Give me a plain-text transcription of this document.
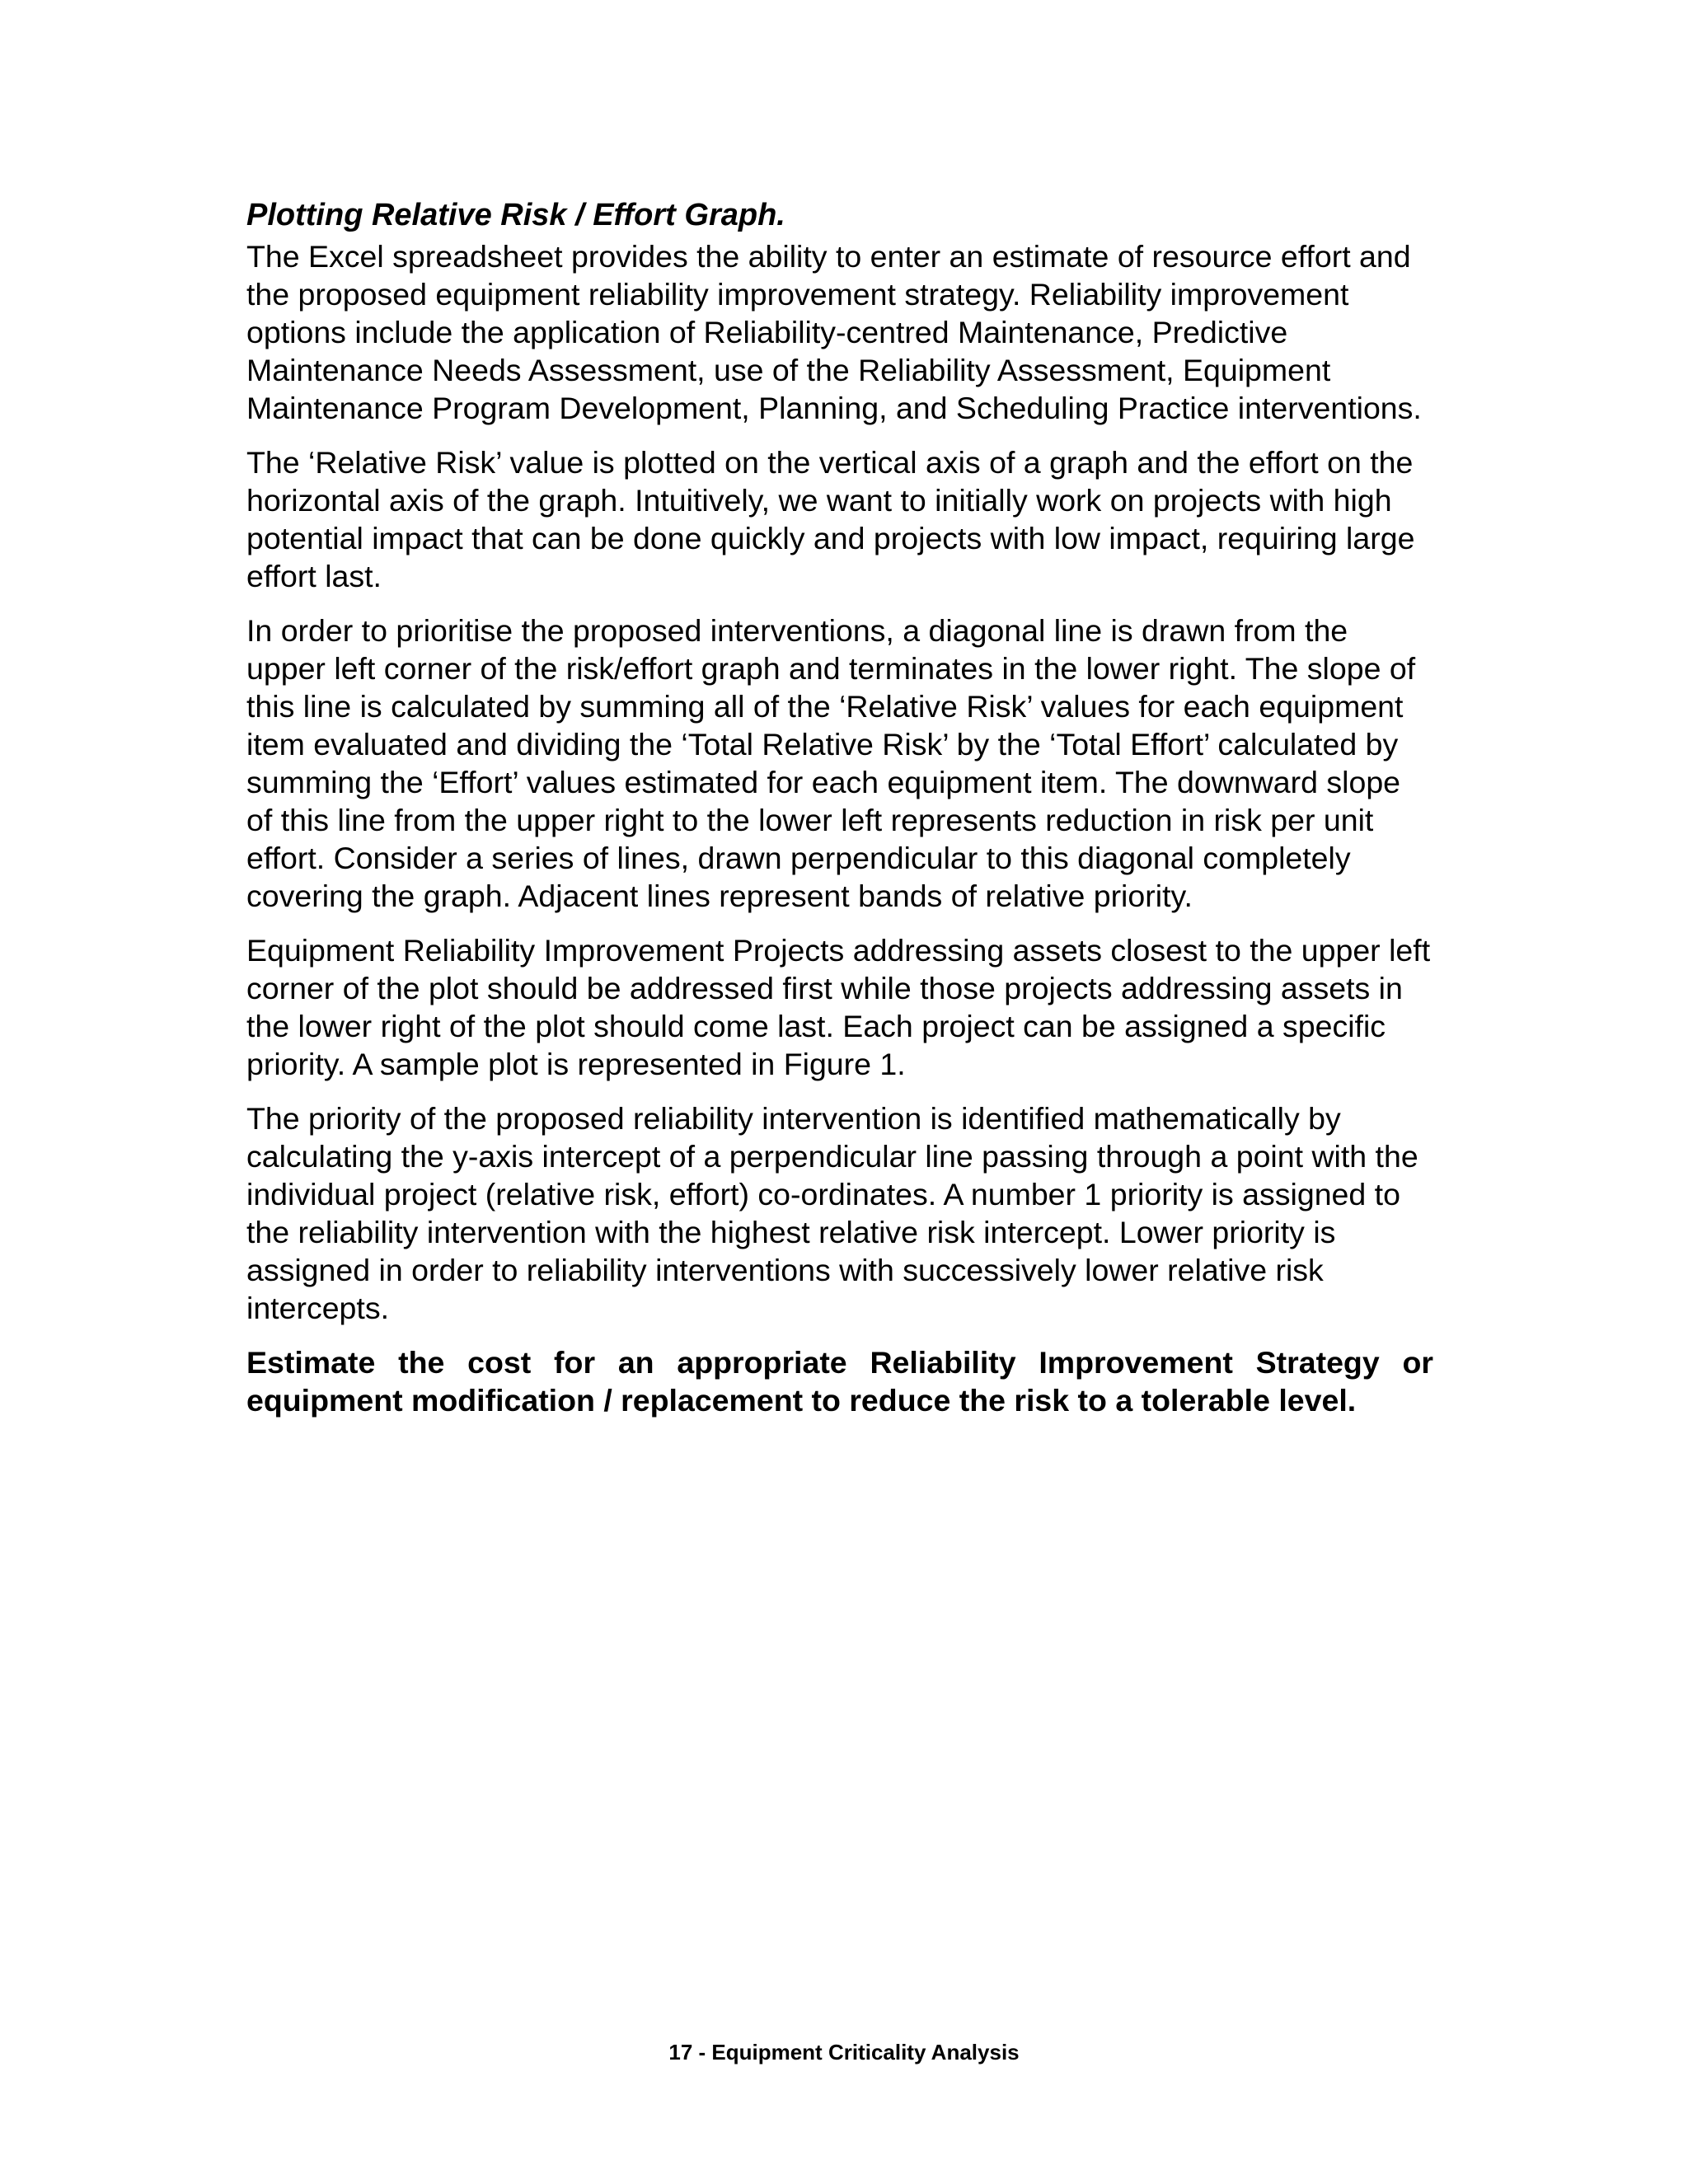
Plotting Relative Risk / Effort Graph.

The Excel spreadsheet provides the ability to enter an estimate of resource effort and the proposed equipment reliability improvement strategy. Reliability improvement options include the application of Reliability-centred Maintenance, Predictive Maintenance Needs Assessment, use of the Reliability Assessment, Equipment Maintenance Program Development, Planning, and Scheduling Practice interventions.

The ‘Relative Risk’ value is plotted on the vertical axis of a graph and the effort on the horizontal axis of the graph. Intuitively, we want to initially work on projects with high potential impact that can be done quickly and projects with low impact, requiring large effort last.

In order to prioritise the proposed interventions, a diagonal line is drawn from the upper left corner of the risk/effort graph and terminates in the lower right. The slope of this line is calculated by summing all of the ‘Relative Risk’ values for each equipment item evaluated and dividing the ‘Total Relative Risk’ by the ‘Total Effort’ calculated by summing the ‘Effort’ values estimated for each equipment item. The downward slope of this line from the upper right to the lower left represents reduction in risk per unit effort. Consider a series of lines, drawn perpendicular to this diagonal completely covering the graph. Adjacent lines represent bands of relative priority.

Equipment Reliability Improvement Projects addressing assets closest to the upper left corner of the plot should be addressed first while those projects addressing assets in the lower right of the plot should come last. Each project can be assigned a specific priority. A sample plot is represented in Figure 1.

The priority of the proposed reliability intervention is identified mathematically by calculating the y-axis intercept of a perpendicular line passing through a point with the individual project (relative risk, effort) co-ordinates. A number 1 priority is assigned to the reliability intervention with the highest relative risk intercept. Lower priority is assigned in order to reliability interventions with successively lower relative risk intercepts.

Estimate the cost for an appropriate Reliability Improvement Strategy or equipment modification / replacement to reduce the risk to a tolerable level.

17 - Equipment Criticality Analysis
